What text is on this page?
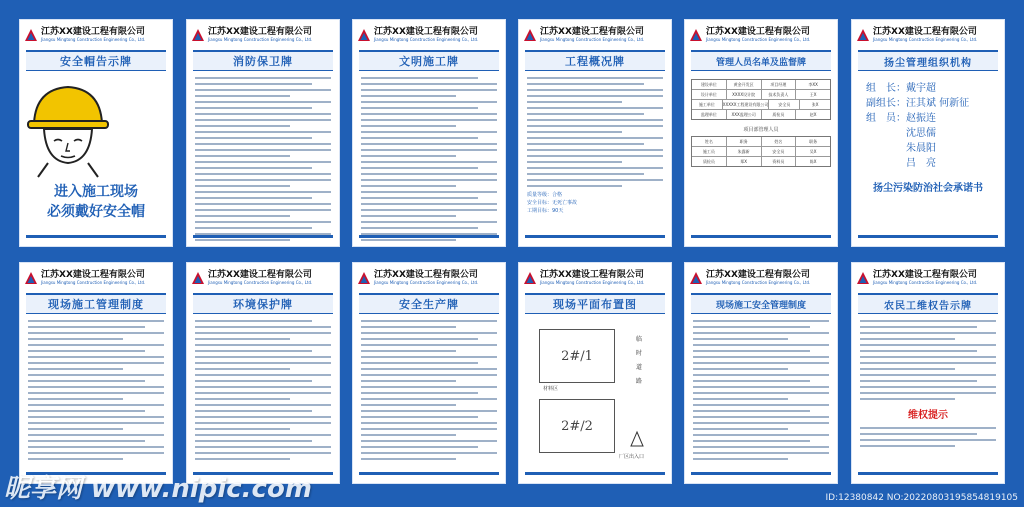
江苏XX建设工程有限公司
Jiangsu Mingtong Construction Engineering Co., Ltd.
安全帽告示牌
进入施工现场
必须戴好安全帽
江苏XX建设工程有限公司
Jiangsu Mingtong Construction Engineering Co., Ltd.
消防保卫牌
江苏XX建设工程有限公司
Jiangsu Mingtong Construction Engineering Co., Ltd.
文明施工牌
江苏XX建设工程有限公司
Jiangsu Mingtong Construction Engineering Co., Ltd.
工程概况牌
质量等级：合格
安全目标：无死亡事故
工期目标：90天
江苏XX建设工程有限公司
Jiangsu Mingtong Construction Engineering Co., Ltd.
管理人员名单及监督牌
建设单位	黄金开发区	项目经理	李XX
设计单位	XXXX设计院	技术负责人	王X
施工单位	XXXXX工程建设有限公司	安全员	张X
监理单位	XXX监理公司	质检员	赵X
项目部管理人员
姓名	职务	姓名	职务
施工员	朱露新	安全员	吴X
质检员	郑X	资料员	陈X
江苏XX建设工程有限公司
Jiangsu Mingtong Construction Engineering Co., Ltd.
扬尘管理组织机构
组　长：戴宇超
副组长：汪其斌 何新征
组　员：赵振连
沈思儒
朱晨阳
吕　亮
扬尘污染防治社会承诺书
江苏XX建设工程有限公司
Jiangsu Mingtong Construction Engineering Co., Ltd.
现场施工管理制度
江苏XX建设工程有限公司
Jiangsu Mingtong Construction Engineering Co., Ltd.
环境保护牌
江苏XX建设工程有限公司
Jiangsu Mingtong Construction Engineering Co., Ltd.
安全生产牌
江苏XX建设工程有限公司
Jiangsu Mingtong Construction Engineering Co., Ltd.
现场平面布置图
2#/1
材料区
2#/2
临时道路
厂区出入口
江苏XX建设工程有限公司
Jiangsu Mingtong Construction Engineering Co., Ltd.
现场施工安全管理制度
江苏XX建设工程有限公司
Jiangsu Mingtong Construction Engineering Co., Ltd.
农民工维权告示牌
维权提示
昵享网 www.nipic.com	ID:12380842 NO:20220803195854819105
